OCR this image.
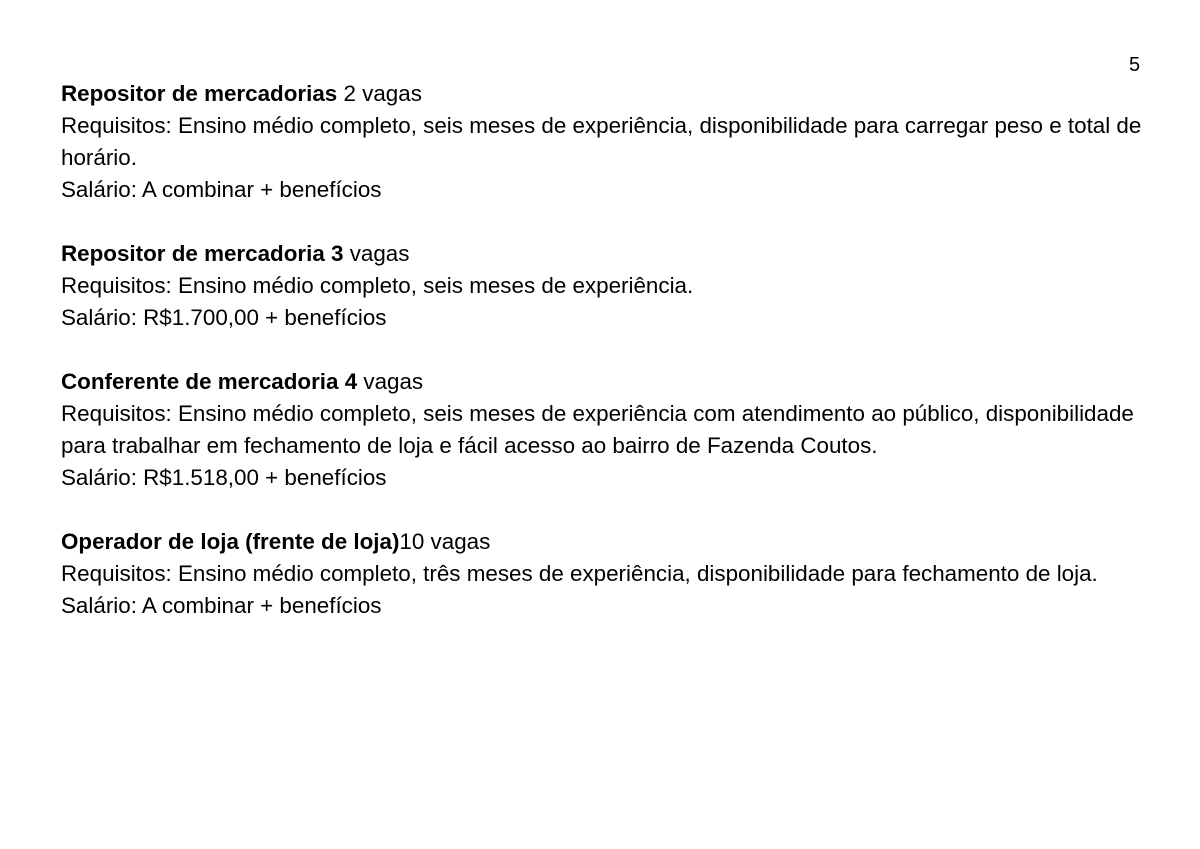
5

Repositor de mercadorias 2 vagas

Requisitos: Ensino médio completo, seis meses de experiência, disponibilidade para carregar peso e total de horário.

Salário: A combinar + benefícios

Repositor de mercadoria 3 vagas

Requisitos: Ensino médio completo, seis meses de experiência.

Salário: R$1.700,00 + benefícios

Conferente de mercadoria 4 vagas

Requisitos: Ensino médio completo, seis meses de experiência com atendimento ao público, disponibilidade para trabalhar em fechamento de loja e fácil acesso ao bairro de Fazenda Coutos.

Salário: R$1.518,00 + benefícios

Operador de loja (frente de loja)10 vagas

Requisitos: Ensino médio completo, três meses de experiência, disponibilidade para fechamento de loja.

Salário: A combinar + benefícios
